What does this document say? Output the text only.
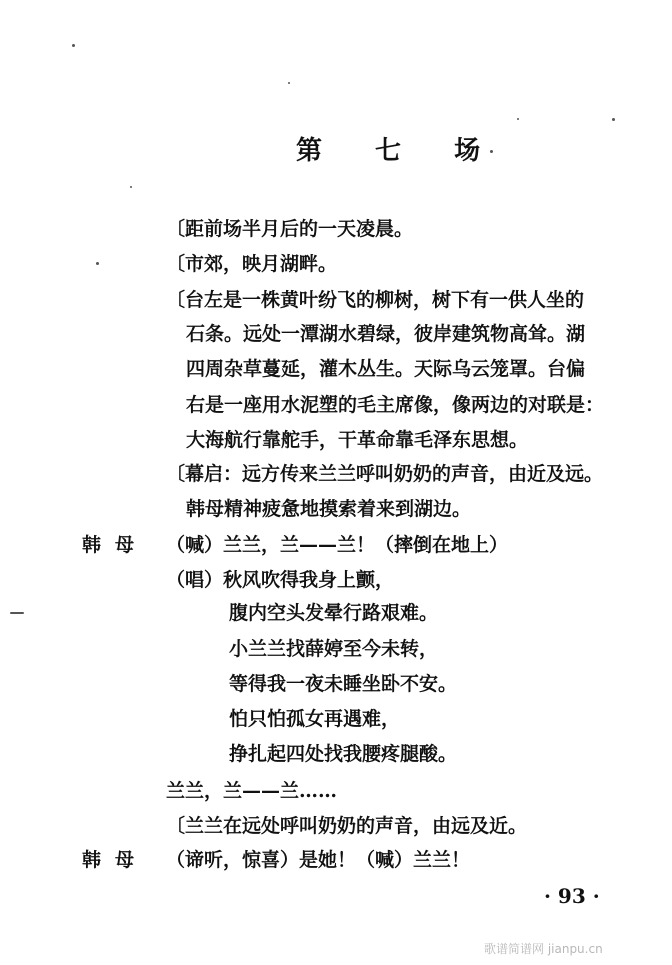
第 七 场
〔距前场半月后的一天凌晨。
〔市郊，映月湖畔。
〔台左是一株黄叶纷飞的柳树，树下有一供人坐的
石条。远处一潭湖水碧绿，彼岸建筑物高耸。湖
四周杂草蔓延，灌木丛生。天际乌云笼罩。台偏
右是一座用水泥塑的毛主席像，像两边的对联是：
大海航行靠舵手，干革命靠毛泽东思想。
〔幕启：远方传来兰兰呼叫奶奶的声音，由近及远。
韩母精神疲惫地摸索着来到湖边。
韩母 （喊）兰兰，兰——兰！（摔倒在地上）
（唱）秋风吹得我身上颤，
腹内空头发晕行路艰难。
小兰兰找薛婷至今未转，
等得我一夜未睡坐卧不安。
怕只怕孤女再遇难，
挣扎起四处找我腰疼腿酸。
兰兰，兰——兰……
〔兰兰在远处呼叫奶奶的声音，由远及近。
韩母 （谛听，惊喜）是她！（喊）兰兰！
· 93 ·
歌谱简谱网 jianpu.cn
